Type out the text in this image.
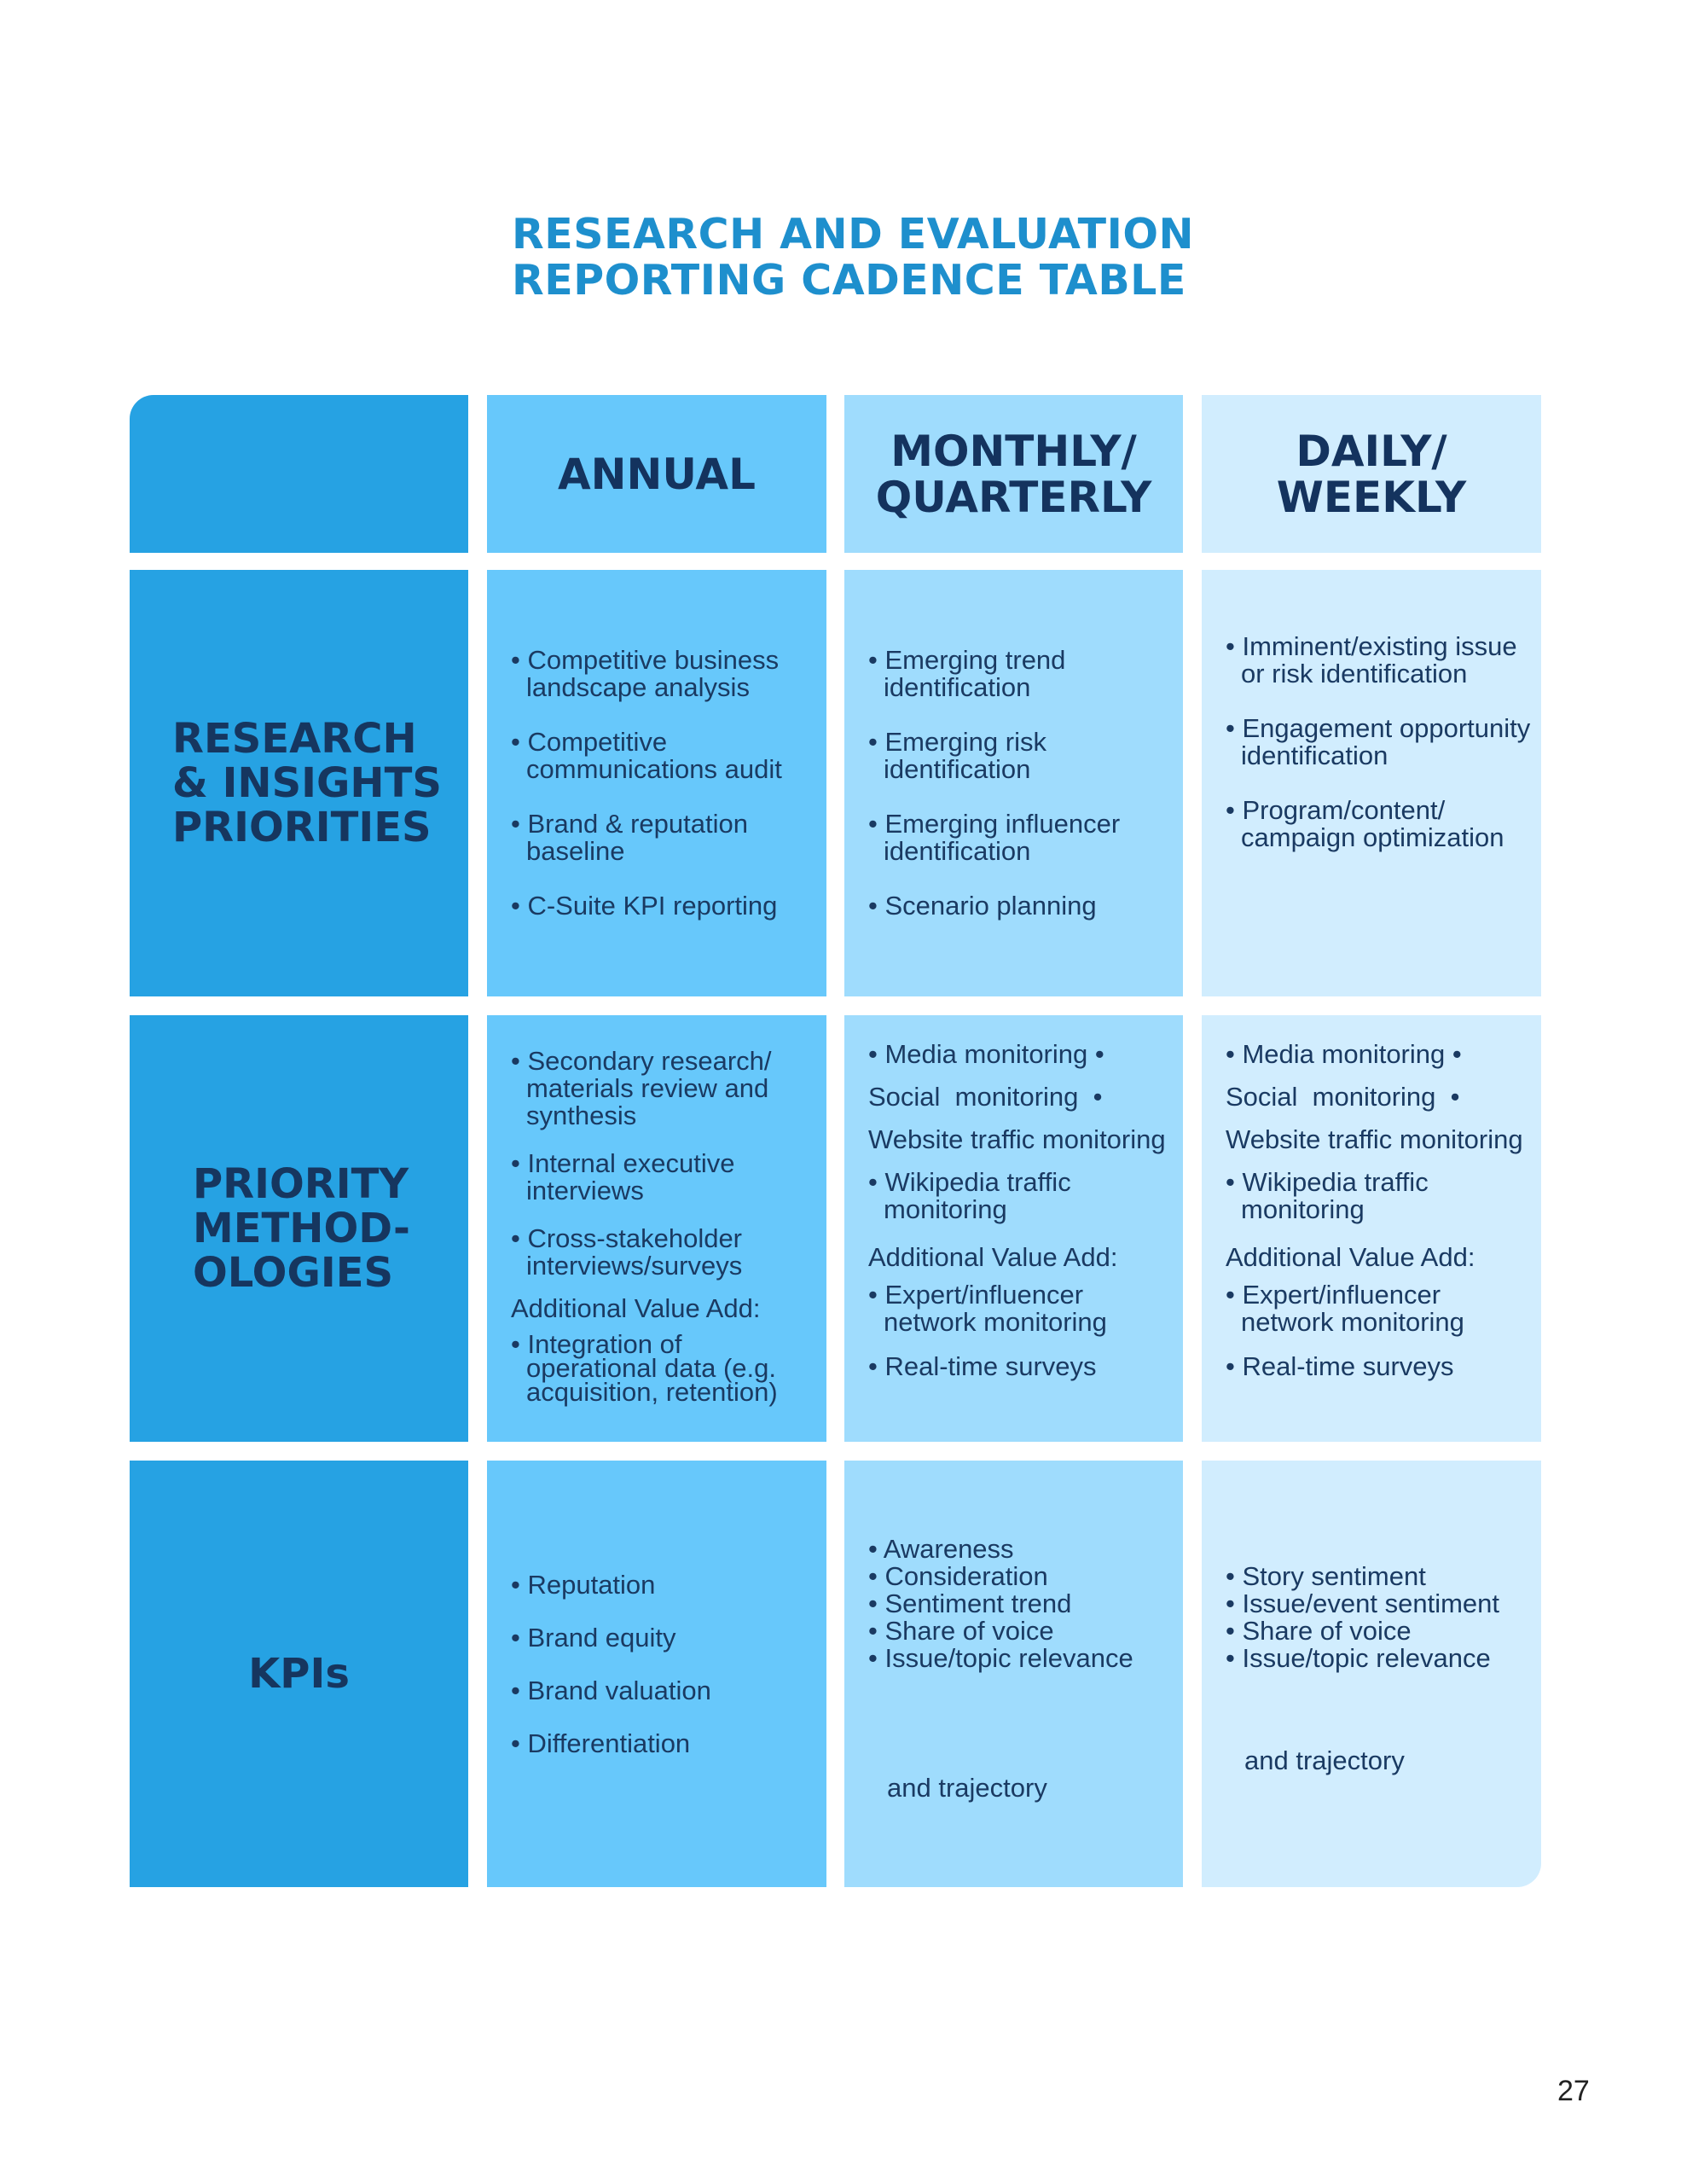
RESEARCH AND EVALUATION
REPORTING CADENCE TABLE
ANNUAL	MONTHLY/
QUARTERLY
DAILY/
WEEKLY
RESEARCH
& INSIGHTS
PRIORITIES
• Competitive business landscape analysis
• Competitive communications audit
• Brand & reputation baseline
• C-Suite KPI reporting
• Emerging trend identification
• Emerging risk identification
• Emerging influencer identification
• Scenario planning
• Imminent/existing issue or risk identification
• Engagement opportunity identification
• Program/content/ campaign optimization
PRIORITY
METHOD-
OLOGIES
• Secondary research/ materials review and synthesis
• Internal executive interviews
• Cross-stakeholder interviews/surveys
Additional Value Add:
• Integration of operational data (e.g. acquisition, retention)
• Media monitoring •
Social  monitoring  •
Website traffic monitoring
• Wikipedia traffic monitoring
Additional Value Add:
• Expert/influencer network monitoring
• Real-time surveys
• Media monitoring •
Social  monitoring  •
Website traffic monitoring
• Wikipedia traffic monitoring
Additional Value Add:
• Expert/influencer network monitoring
• Real-time surveys
KPIs
• Reputation
• Brand equity
• Brand valuation
• Differentiation
• Awareness
• Consideration
• Sentiment trend
• Share of voice
• Issue/topic relevance
and trajectory
• Story sentiment
• Issue/event sentiment
• Share of voice
• Issue/topic relevance
and trajectory
27
